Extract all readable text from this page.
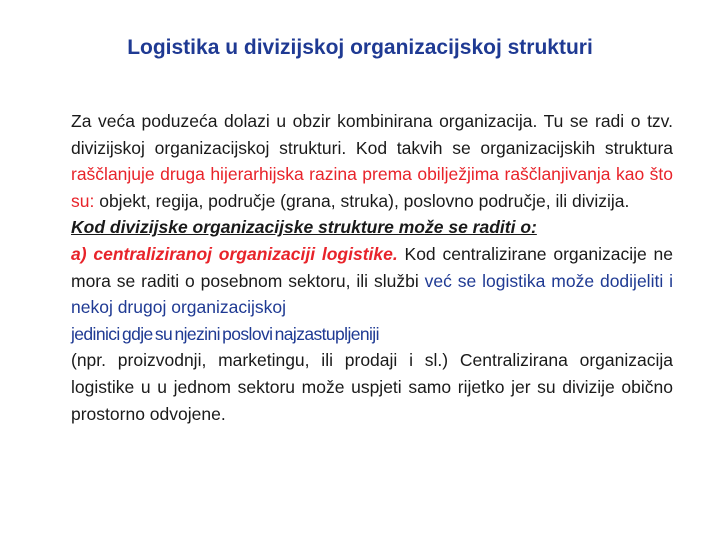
Logistika u divizijskoj organizacijskoj strukturi

Za veća poduzeća dolazi u obzir kombinirana organizacija. Tu se radi o tzv. divizijskoj organizacijskoj strukturi. Kod takvih se organizacijskih struktura raščlanjuje druga hijerarhijska razina prema obilježjima raščlanjivanja kao što su: objekt, regija, područje (grana, struka), poslovno područje, ili divizija.

Kod divizijske organizacijske strukture može se raditi o:

a) centraliziranoj organizaciji logistike. Kod centralizirane organizacije ne mora se raditi o posebnom sektoru, ili službi već se logistika može dodijeliti i nekoj drugoj organizacijskoj
jedinici gdje su njezini poslovi najzastupljeniji
(npr. proizvodnji, marketingu, ili prodaji i sl.) Centralizirana organizacija logistike u u jednom sektoru može uspjeti samo rijetko jer su divizije obično prostorno odvojene.
